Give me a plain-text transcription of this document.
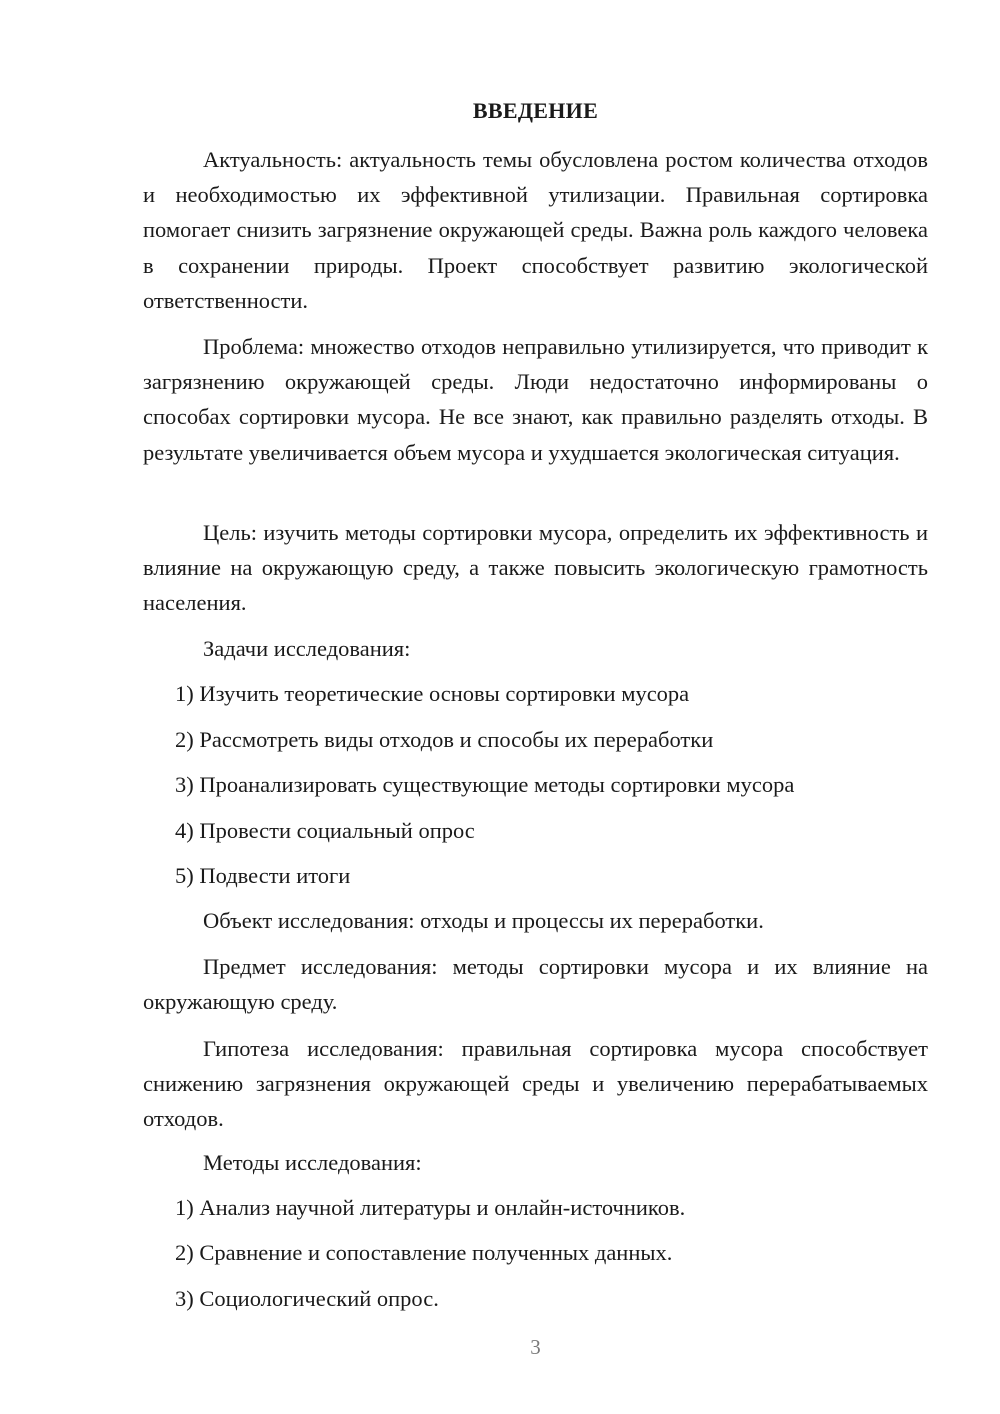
ВВЕДЕНИЕ

Актуальность: актуальность темы обусловлена ростом количества отходов и необходимостью их эффективной утилизации. Правильная сортировка помогает снизить загрязнение окружающей среды. Важна роль каждого человека в сохранении природы. Проект способствует развитию экологической ответственности.

Проблема: множество отходов неправильно утилизируется, что приводит к загрязнению окружающей среды. Люди недостаточно информированы о способах сортировки мусора. Не все знают, как правильно разделять отходы. В результате увеличивается объем мусора и ухудшается экологическая ситуация.

Цель: изучить методы сортировки мусора, определить их эффективность и влияние на окружающую среду, а также повысить экологическую грамотность населения.

Задачи исследования:

1) Изучить теоретические основы сортировки мусора

2) Рассмотреть виды отходов и способы их переработки

3) Проанализировать существующие методы сортировки мусора

4) Провести социальный опрос

5) Подвести итоги

Объект исследования: отходы и процессы их переработки.

Предмет исследования: методы сортировки мусора и их влияние на окружающую среду.

Гипотеза исследования: правильная сортировка мусора способствует снижению загрязнения окружающей среды и увеличению перерабатываемых отходов.

Методы исследования:

1) Анализ научной литературы и онлайн-источников.

2) Сравнение и сопоставление полученных данных.

3) Социологический опрос.

3
